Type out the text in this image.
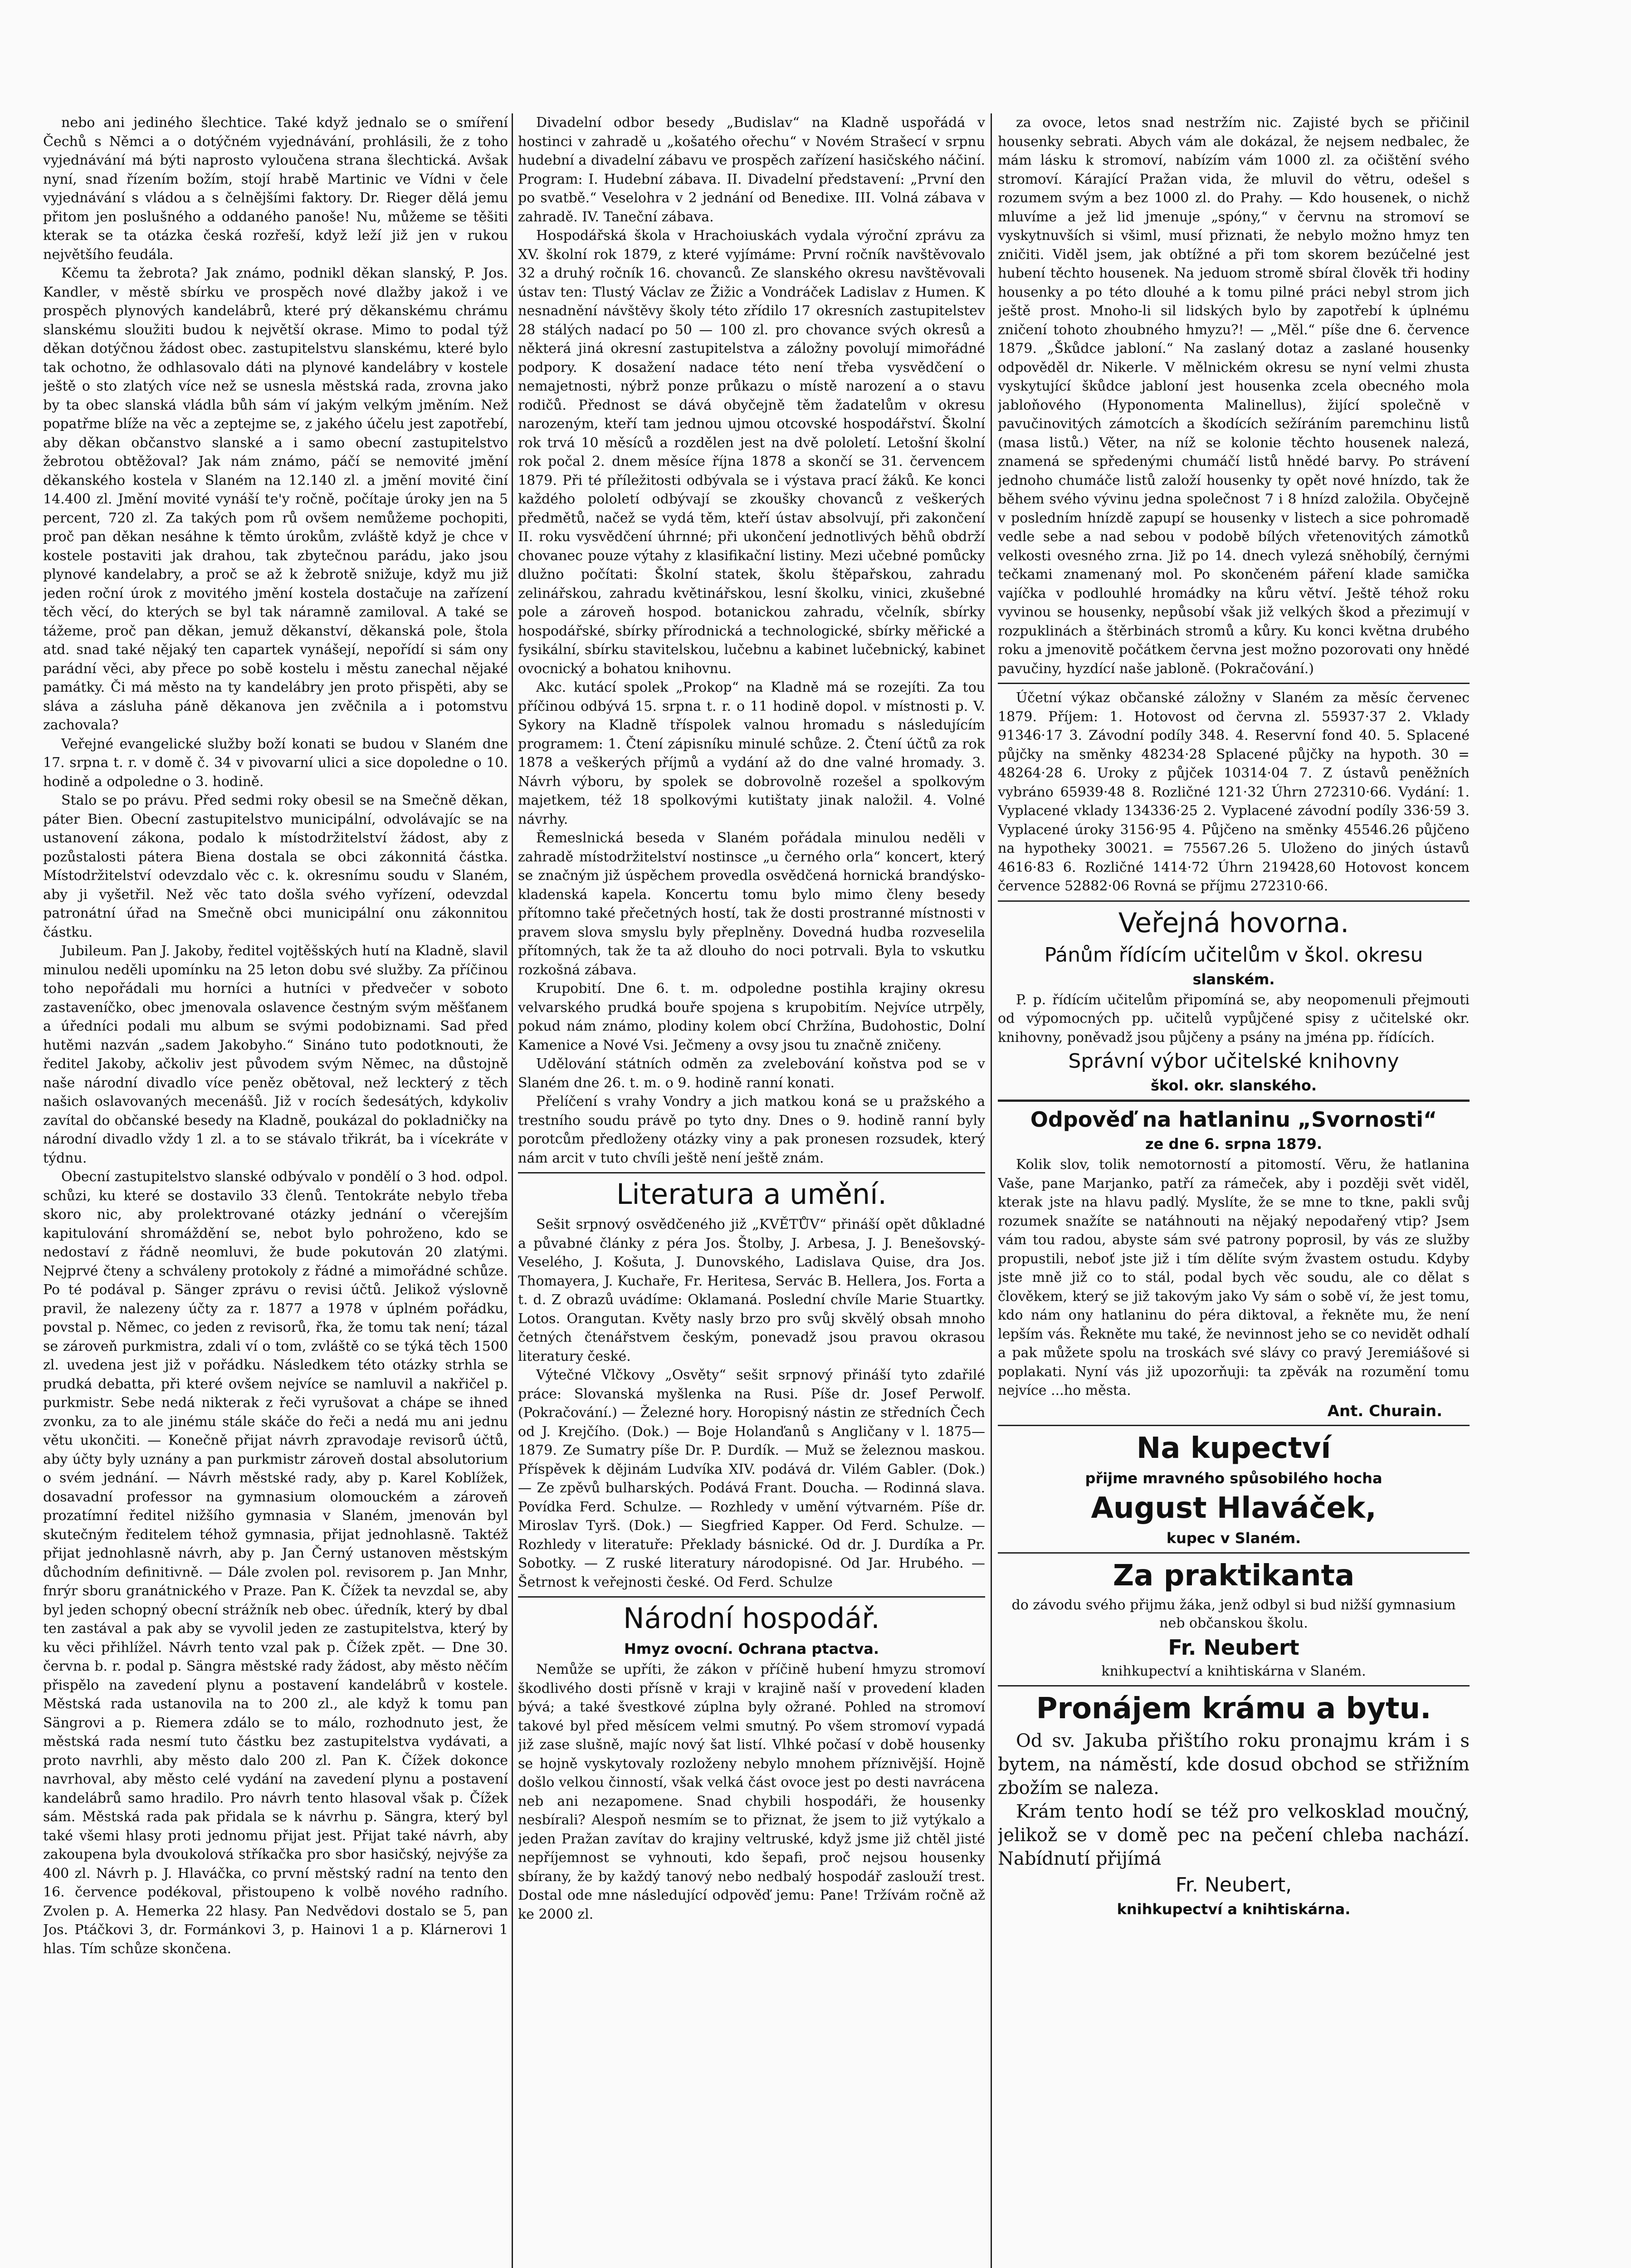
nebo ani jediného šlechtice. Také když jednalo se o smíření Čechů s Němci a o dotýčném vyjednávání, prohlásili, že z toho vyjednávání má býti naprosto vyloučena strana šlechtická. Avšak nyní, snad řízením božím, stojí hrabě Martinic ve Vídni v čele vyjednávání s vládou a s čelnějšími faktory. Dr. Rieger dělá jemu přitom jen poslušného a oddaného panoše! Nu, můžeme se těšiti kterak se ta otázka česká rozřeší, když leží již jen v rukou největšího feudála.

Kčemu ta žebrota? Jak známo, podnikl děkan slanský, P. Jos. Kandler, v městě sbírku ve prospěch nové dlažby jakož i ve prospěch plynových kandelábrů, které prý děkanskému chrámu slanskému sloužiti budou k největší okrase. Mimo to podal týž děkan dotýčnou žádost obec. zastupitelstvu slanskému, které bylo tak ochotno, že odhlasovalo dáti na plynové kandelábry v kostele ještě o sto zlatých více než se usnesla městská rada, zrovna jako by ta obec slanská vládla bůh sám ví jakým velkým jměním. Než popatřme blíže na věc a zeptejme se, z jakého účelu jest zapotřebí, aby děkan občanstvo slanské a i samo obecní zastupitelstvo žebrotou obtěžoval? Jak nám známo, páčí se nemovité jmění děkanského kostela v Slaném na 12.140 zl. a jmění movité činí 14.400 zl. Jmění movité vynáší te'y ročně, počítaje úroky jen na 5 percent, 720 zl. Za takých pom rů ovšem nemůžeme pochopiti, proč pan děkan nesáhne k těmto úrokům, zvláště když je chce v kostele postaviti jak drahou, tak zbytečnou parádu, jako jsou plynové kandelabry, a proč se až k žebrotě snižuje, když mu již jeden roční úrok z movitého jmění kostela dostačuje na zařízení těch věcí, do kterých se byl tak náramně zamiloval. A také se tážeme, proč pan děkan, jemuž děkanství, děkanská pole, štola atd. snad také nějaký ten capartek vynášejí, nepořídí si sám ony parádní věci, aby přece po sobě kostelu i městu zanechal nějaké památky. Či má město na ty kandelábry jen proto přispěti, aby se sláva a zásluha páně děkanova jen zvěčnila a i potomstvu zachovala?

Veřejné evangelické služby boží konati se budou v Slaném dne 17. srpna t. r. v domě č. 34 v pivovarní ulici a sice dopoledne o 10. hodině a odpoledne o 3. hodině.

Stalo se po právu. Před sedmi roky obesil se na Smečně děkan, páter Bien. Obecní zastupitelstvo municipální, odvolávajíc se na ustanovení zákona, podalo k místodržitelství žádost, aby z pozůstalosti pátera Biena dostala se obci zákonnitá částka. Místodržitelství odevzdalo věc c. k. okresnímu soudu v Slaném, aby ji vyšetřil. Než věc tato došla svého vyřízení, odevzdal patronátní úřad na Smečně obci municipální onu zákonnitou částku.

Jubileum. Pan J. Jakoby, ředitel vojtěšských hutí na Kladně, slavil minulou neděli upomínku na 25 leton dobu své služby. Za příčinou toho nepořádali mu horníci a hutníci v předvečer v soboto zastaveníčko, obec jmenovala oslavence čestným svým měšťanem a úředníci podali mu album se svými podobiznami. Sad před hutěmi nazván „sadem Jakobyho.“ Sináno tuto podotknouti, že ředitel Jakoby, ačkoliv jest původem svým Němec, na důstojně naše národní divadlo více peněz obětoval, než leckterý z těch našich oslavovaných mecenášů. Již v rocích šedesátých, kdykoliv zavítal do občanské besedy na Kladně, poukázal do pokladničky na národní divadlo vždy 1 zl. a to se stávalo třikrát, ba i vícekráte v týdnu.

Obecní zastupitelstvo slanské odbývalo v pondělí o 3 hod. odpol. schůzi, ku které se dostavilo 33 členů. Tentokráte nebylo třeba skoro nic, aby prolektrované otázky jednání o včerejším kapitulování shromáždění se, nebot bylo pohroženo, kdo se nedostaví z řádně neomluvi, že bude pokutován 20 zlatými. Nejprvé čteny a schváleny protokoly z řádné a mimořádné schůze. Po té podával p. Sänger zprávu o revisi účtů. Jelikož výslovně pravil, že nalezeny účty za r. 1877 a 1978 v úplném pořádku, povstal p. Němec, co jeden z revisorů, řka, že tomu tak není; tázal se zároveň purkmistra, zdali ví o tom, zvláště co se týká těch 1500 zl. uvedena jest již v pořádku. Následkem této otázky strhla se prudká debatta, při které ovšem nejvíce se namluvil a nakřičel p. purkmistr. Sebe nedá nikterak z řeči vyrušovat a chápe se ihned zvonku, za to ale jinému stále skáče do řeči a nedá mu ani jednu větu ukončiti. — Konečně přijat návrh zpravodaje revisorů účtů, aby účty byly uznány a pan purkmistr zároveň dostal absolutorium o svém jednání. — Návrh městské rady, aby p. Karel Koblížek, dosavadní professor na gymnasium olomouckém a zároveň prozatímní ředitel nižšího gymnasia v Slaném, jmenován byl skutečným ředitelem téhož gymnasia, přijat jednohlasně. Taktéž přijat jednohlasně návrh, aby p. Jan Černý ustanoven městským důchodním definitivně. — Dále zvolen pol. revisorem p. Jan Mnhr, fnrýr sboru granátnického v Praze. Pan K. Čížek ta nevzdal se, aby byl jeden schopný obecní strážník neb obec. úředník, který by dbal ten zastával a pak aby se vyvolil jeden ze zastupitelstva, který by ku věci přihlížel. Návrh tento vzal pak p. Čížek zpět. — Dne 30. června b. r. podal p. Sängra městské rady žádost, aby město něčím přispělo na zavedení plynu a postavení kandelábrů v kostele. Městská rada ustanovila na to 200 zl., ale když k tomu pan Sängrovi a p. Riemera zdálo se to málo, rozhodnuto jest, že městská rada nesmí tuto částku bez zastupitelstva vydávati, a proto navrhli, aby město dalo 200 zl. Pan K. Čížek dokonce navrhoval, aby město celé vydání na zavedení plynu a postavení kandelábrů samo hradilo. Pro návrh tento hlasoval však p. Čížek sám. Městská rada pak přidala se k návrhu p. Sängra, který byl také všemi hlasy proti jednomu přijat jest. Přijat také návrh, aby zakoupena byla dvoukolová stříkačka pro sbor hasičský, nejvýše za 400 zl. Návrh p. J. Hlaváčka, co první městský radní na tento den 16. července podékoval, přistoupeno k volbě nového radního. Zvolen p. A. Hemerka 22 hlasy. Pan Nedvědovi dostalo se 5, pan Jos. Ptáčkovi 3, dr. Formánkovi 3, p. Hainovi 1 a p. Klárnerovi 1 hlas. Tím schůze skončena.

Divadelní odbor besedy „Budislav“ na Kladně uspořádá v hostinci v zahradě u „košatého ořechu“ v Novém Strašecí v srpnu hudební a divadelní zábavu ve prospěch zařízení hasičského náčiní. Program: I. Hudební zábava. II. Divadelní představení: „První den po svatbě.“ Veselohra v 2 jednání od Benedixe. III. Volná zábava v zahradě. IV. Taneční zábava.

Hospodářská škola v Hrachoiuskách vydala výroční zprávu za XV. školní rok 1879, z které vyjímáme: První ročník navštěvovalo 32 a druhý ročník 16. chovanců. Ze slanského okresu navštěvovali ústav ten: Tlustý Václav ze Žižic a Vondráček Ladislav z Humen. K nesnadnění návštěvy školy této zřídilo 17 okresních zastupitelstev 28 stálých nadací po 50 — 100 zl. pro chovance svých okresů a některá jiná okresní zastupitelstva a záložny povolují mimořádné podpory. K dosažení nadace této není třeba vysvědčení o nemajetnosti, nýbrž ponze průkazu o místě narození a o stavu rodičů. Přednost se dává obyčejně těm žadatelům v okresu narozeným, kteří tam jednou ujmou otcovské hospodářství. Školní rok trvá 10 měsíců a rozdělen jest na dvě pololetí. Letošní školní rok počal 2. dnem měsíce října 1878 a skončí se 31. červencem 1879. Při té příležitosti odbývala se i výstava prací žáků. Ke konci každého pololetí odbývají se zkoušky chovanců z veškerých předmětů, načež se vydá těm, kteří ústav absolvují, při zakončení II. roku vysvědčení úhrnné; při ukončení jednotlivých běhů obdrží chovanec pouze výtahy z klasifikační listiny. Mezi učebné pomůcky dlužno počítati: Školní statek, školu štěpařskou, zahradu zelinářskou, zahradu květinářskou, lesní školku, vinici, zkušebné pole a zároveň hospod. botanickou zahradu, včelník, sbírky hospodářské, sbírky přírodnická a technologické, sbírky měřické a fysikální, sbírku stavitelskou, lučebnu a kabinet lučebnický, kabinet ovocnický a bohatou knihovnu.

Akc. kutácí spolek „Prokop“ na Kladně má se rozejíti. Za tou příčinou odbývá 15. srpna t. r. o 11 hodině dopol. v místnosti p. V. Sykory na Kladně tříspolek valnou hromadu s následujícím programem: 1. Čtení zápisníku minulé schůze. 2. Čtení účtů za rok 1878 a veškerých příjmů a vydání až do dne valné hromady. 3. Návrh výboru, by spolek se dobrovolně rozešel a spolkovým majetkem, též 18 spolkovými kutištaty jinak naložil. 4. Volné návrhy.

Řemeslnická beseda v Slaném pořádala minulou neděli v zahradě místodržitelství nostinsce „u černého orla“ koncert, který se značným již úspěchem provedla osvědčená hornická brandýsko-kladenská kapela. Koncertu tomu bylo mimo členy besedy přítomno také přečetných hostí, tak že dosti prostranné místnosti v pravem slova smyslu byly přeplněny. Dovedná hudba rozveselila přítomných, tak že ta až dlouho do noci potrvali. Byla to vskutku rozkošná zábava.

Krupobití. Dne 6. t. m. odpoledne postihla krajiny okresu velvarského prudká bouře spojena s krupobitím. Nejvíce utrpěly, pokud nám známo, plodiny kolem obcí Chržína, Budohostic, Dolní Kamenice a Nové Vsi. Ječmeny a ovsy jsou tu značně zničeny.

Udělování státních odměn za zvelebování koňstva pod se v Slaném dne 26. t. m. o 9. hodině ranní konati.

Přelíčení s vrahy Vondry a jich matkou koná se u pražského a trestního soudu právě po tyto dny. Dnes o 9. hodině ranní byly porotcům předloženy otázky viny a pak pronesen rozsudek, který nám arcit v tuto chvíli ještě není ještě znám.

Literatura a umění.

Sešit srpnový osvědčeného již „KVĚTŮV“ přináší opět důkladné a půvabné články z péra Jos. Štolby, J. Arbesa, J. J. Benešovský-Veselého, J. Košuta, J. Dunovského, Ladislava Quise, dra Jos. Thomayera, J. Kuchaře, Fr. Heritesa, Servác B. Hellera, Jos. Forta a t. d. Z obrazů uvádíme: Oklamaná. Poslední chvíle Marie Stuartky. Lotos. Orangutan. Květy nasly brzo pro svůj skvělý obsah mnoho četných čtenářstvem českým, ponevadž jsou pravou okrasou literatury české.

Výtečné Vlčkovy „Osvěty“ sešit srpnový přináší tyto zdařilé práce: Slovanská myšlenka na Rusi. Píše dr. Josef Perwolf. (Pokračování.) — Železné hory. Horopisný nástin ze středních Čech od J. Krejčího. (Dok.) — Boje Holanďanů s Angličany v l. 1875—1879. Ze Sumatry píše Dr. P. Durdík. — Muž se železnou maskou. Příspěvek k dějinám Ludvíka XIV. podává dr. Vilém Gabler. (Dok.) — Ze zpěvů bulharských. Podává Frant. Doucha. — Rodinná slava. Povídka Ferd. Schulze. — Rozhledy v umění výtvarném. Píše dr. Miroslav Tyrš. (Dok.) — Siegfried Kapper. Od Ferd. Schulze. — Rozhledy v literatuře: Překlady básnické. Od dr. J. Durdíka a Pr. Sobotky. — Z ruské literatury národopisné. Od Jar. Hrubého. — Šetrnost k veřejnosti české. Od Ferd. Schulze

Národní hospodář.

Hmyz ovocní. Ochrana ptactva.

Nemůže se upříti, že zákon v příčině hubení hmyzu stromoví škodlivého dosti přísně v kraji v krajině naší v provedení kladen bývá; a také švestkové zúplna byly ožrané. Pohled na stromoví takové byl před měsícem velmi smutný. Po všem stromoví vypadá již zase slušně, majíc nový šat listí. Vlhké počasí v době housenky se hojně vyskytovaly rozloženy nebylo mnohem příznivější. Hojně došlo velkou činností, však velká část ovoce jest po desti navrácena neb ani nezapomene. Snad chybili hospodáři, že housenky nesbírali? Alespoň nesmím se to přiznat, že jsem to již vytýkalo a jeden Pražan zavítav do krajiny veltruské, když jsme již chtěl jisté nepříjemnost se vyhnouti, kdo šepafi, proč nejsou housenky sbírany, že by každý tanový nebo nedbalý hospodář zaslouží trest. Dostal ode mne následující odpověď jemu: Pane! Tržívám ročně až ke 2000 zl.

za ovoce, letos snad nestržím nic. Zajisté bych se přičinil housenky sebrati. Abych vám ale dokázal, že nejsem nedbalec, že mám lásku k stromoví, nabízím vám 1000 zl. za očištění svého stromoví. Kárající Pražan vida, že mluvil do větru, odešel s rozumem svým a bez 1000 zl. do Prahy. — Kdo housenek, o nichž mluvíme a jež lid jmenuje „spóny,“ v červnu na stromoví se vyskytnuvších si všiml, musí přiznati, že nebylo možno hmyz ten zničiti. Viděl jsem, jak obtížné a při tom skorem bezúčelné jest hubení těchto housenek. Na jeduom stromě sbíral člověk tři hodiny housenky a po této dlouhé a k tomu pilné práci nebyl strom jich ještě prost. Mnoho-li sil lidských bylo by zapotřebí k úplnému zničení tohoto zhoubného hmyzu?! — „Měl.“ píše dne 6. července 1879. „Škůdce jabloní.“ Na zaslaný dotaz a zaslané housenky odpověděl dr. Nikerle. V mělnickém okresu se nyní velmi zhusta vyskytující škůdce jabloní jest housenka zcela obecného mola jabloňového (Hyponomenta Malinellus), žijící společně v pavučinovitých zámotcích a škodících sežíráním paremchinu listů (masa listů.) Věter, na níž se kolonie těchto housenek nalezá, znamená se spředenými chumáčí listů hnědé barvy. Po strávení jednoho chumáče listů založí housenky ty opět nové hnízdo, tak že během svého vývinu jedna společnost 7 i 8 hnízd založila. Obyčejně v posledním hnízdě zapupí se housenky v listech a sice pohromadě vedle sebe a nad sebou v podobě bílých vřetenovitých zámotků velkosti ovesného zrna. Již po 14. dnech vylezá sněhobílý, černými tečkami znamenaný mol. Po skončeném páření klade samička vajíčka v podlouhlé hromádky na kůru větví. Ještě téhož roku vyvinou se housenky, nepůsobí však již velkých škod a přezimují v rozpuklinách a štěrbinách stromů a kůry. Ku konci května drubého roku a jmenovitě počátkem června jest možno pozorovati ony hnědé pavučiny, hyzdící naše jabloně. (Pokračování.)

Účetní výkaz občanské záložny v Slaném za měsíc červenec 1879. Příjem: 1. Hotovost od června zl. 55937·37 2. Vklady 91346·17 3. Závodní podíly 348. 4. Reservní fond 40. 5. Splacené půjčky na směnky 48234·28 Splacené půjčky na hypoth. 30 = 48264·28 6. Uroky z půjček 10314·04 7. Z ústavů peněžních vybráno 65939·48 8. Rozličné 121·32 Úhrn 272310·66. Vydání: 1. Vyplacené vklady 134336·25 2. Vyplacené závodní podíly 336·59 3. Vyplacené úroky 3156·95 4. Půjčeno na směnky 45546.26 půjčeno na hypotheky 30021. = 75567.26 5. Uloženo do jiných ústavů 4616·83 6. Rozličné 1414·72 Úhrn 219428,60 Hotovost koncem července 52882·06 Rovná se příjmu 272310·66.

Veřejná hovorna.

Pánům řídícím učitelům v škol. okresu

slanském.

P. p. řídícím učitelům připomíná se, aby neopomenuli přejmouti od výpomocných pp. učitelů vypůjčené spisy z učitelské okr. knihovny, poněvadž jsou půjčeny a psány na jména pp. řídících.

Správní výbor učitelské knihovny

škol. okr. slanského.

Odpověď na hatlaninu „Svornosti“

ze dne 6. srpna 1879.

Kolik slov, tolik nemotorností a pitomostí. Věru, že hatlanina Vaše, pane Marjanko, patří za rámeček, aby i později svět viděl, kterak jste na hlavu padlý. Myslíte, že se mne to tkne, pakli svůj rozumek snažíte se natáhnouti na nějaký nepodařený vtip? Jsem vám tou radou, abyste sám své patrony poprosil, by vás ze služby propustili, neboť jste již i tím dělíte svým žvastem ostudu. Kdyby jste mně již co to stál, podal bych věc soudu, ale co dělat s člověkem, který se již takovým jako Vy sám o sobě ví, že jest tomu, kdo nám ony hatlaninu do péra diktoval, a řekněte mu, že není lepším vás. Řekněte mu také, že nevinnost jeho se co nevidět odhalí a pak můžete spolu na troskách své slávy co pravý Jeremiášové si poplakati. Nyní vás již upozorňuji: ta zpěvák na rozumění tomu nejvíce ...ho města.

Ant. Churain.

Na kupectví

přijme mravného spůsobilého hocha

August Hlaváček,

kupec v Slaném.

Za praktikanta

do závodu svého přijmu žáka, jenž odbyl si bud nižší gymnasium neb občanskou školu.

Fr. Neubert

knihkupectví a knihtiskárna v Slaném.

Pronájem krámu a bytu.

Od sv. Jakuba přištího roku pronajmu krám i s bytem, na náměstí, kde dosud obchod se střižním zbožím se naleza.

Krám tento hodí se též pro velkosklad moučný, jelikož se v domě pec na pečení chleba nachází. Nabídnutí přijímá

Fr. Neubert,

knihkupectví a knihtiskárna.
